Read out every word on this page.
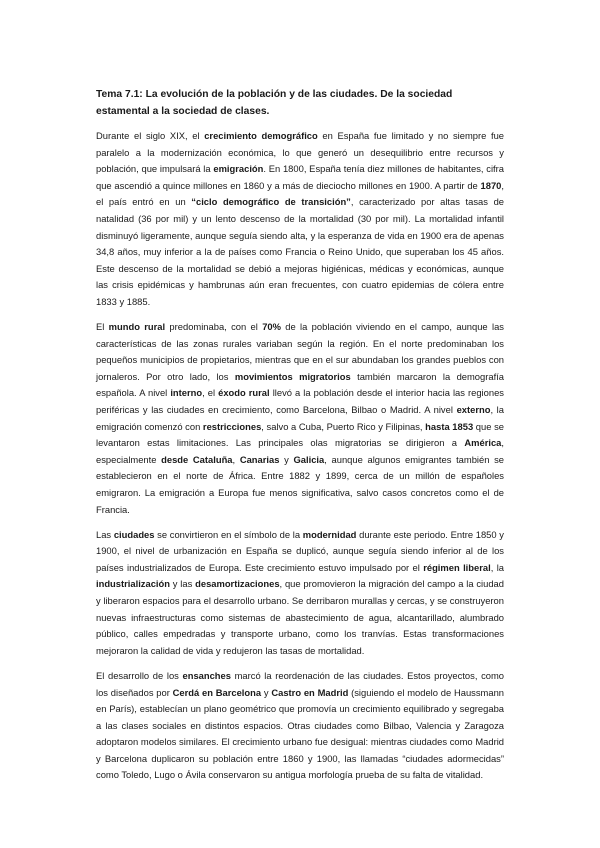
Tema 7.1: La evolución de la población y de las ciudades. De la sociedad estamental a la sociedad de clases.
Durante el siglo XIX, el crecimiento demográfico en España fue limitado y no siempre fue paralelo a la modernización económica, lo que generó un desequilibrio entre recursos y población, que impulsará la emigración. En 1800, España tenía diez millones de habitantes, cifra que ascendió a quince millones en 1860 y a más de dieciocho millones en 1900. A partir de 1870, el país entró en un “ciclo demográfico de transición”, caracterizado por altas tasas de natalidad (36 por mil) y un lento descenso de la mortalidad (30 por mil). La mortalidad infantil disminuyó ligeramente, aunque seguía siendo alta, y la esperanza de vida en 1900 era de apenas 34,8 años, muy inferior a la de países como Francia o Reino Unido, que superaban los 45 años. Este descenso de la mortalidad se debió a mejoras higiénicas, médicas y económicas, aunque las crisis epidémicas y hambrunas aún eran frecuentes, con cuatro epidemias de cólera entre 1833 y 1885.
El mundo rural predominaba, con el 70% de la población viviendo en el campo, aunque las características de las zonas rurales variaban según la región. En el norte predominaban los pequeños municipios de propietarios, mientras que en el sur abundaban los grandes pueblos con jornaleros. Por otro lado, los movimientos migratorios también marcaron la demografía española. A nivel interno, el éxodo rural llevó a la población desde el interior hacia las regiones periféricas y las ciudades en crecimiento, como Barcelona, Bilbao o Madrid. A nivel externo, la emigración comenzó con restricciones, salvo a Cuba, Puerto Rico y Filipinas, hasta 1853 que se levantaron estas limitaciones. Las principales olas migratorias se dirigieron a América, especialmente desde Cataluña, Canarias y Galicia, aunque algunos emigrantes también se establecieron en el norte de África. Entre 1882 y 1899, cerca de un millón de españoles emigraron. La emigración a Europa fue menos significativa, salvo casos concretos como el de Francia.
Las ciudades se convirtieron en el símbolo de la modernidad durante este periodo. Entre 1850 y 1900, el nivel de urbanización en España se duplicó, aunque seguía siendo inferior al de los países industrializados de Europa. Este crecimiento estuvo impulsado por el régimen liberal, la industrialización y las desamortizaciones, que promovieron la migración del campo a la ciudad y liberaron espacios para el desarrollo urbano. Se derribaron murallas y cercas, y se construyeron nuevas infraestructuras como sistemas de abastecimiento de agua, alcantarillado, alumbrado público, calles empedradas y transporte urbano, como los tranvías. Estas transformaciones mejoraron la calidad de vida y redujeron las tasas de mortalidad.
El desarrollo de los ensanches marcó la reordenación de las ciudades. Estos proyectos, como los diseñados por Cerdá en Barcelona y Castro en Madrid (siguiendo el modelo de Haussmann en París), establecían un plano geométrico que promovía un crecimiento equilibrado y segregaba a las clases sociales en distintos espacios. Otras ciudades como Bilbao, Valencia y Zaragoza adoptaron modelos similares. El crecimiento urbano fue desigual: mientras ciudades como Madrid y Barcelona duplicaron su población entre 1860 y 1900, las llamadas “ciudades adormecidas” como Toledo, Lugo o Ávila conservaron su antigua morfología prueba de su falta de vitalidad.
